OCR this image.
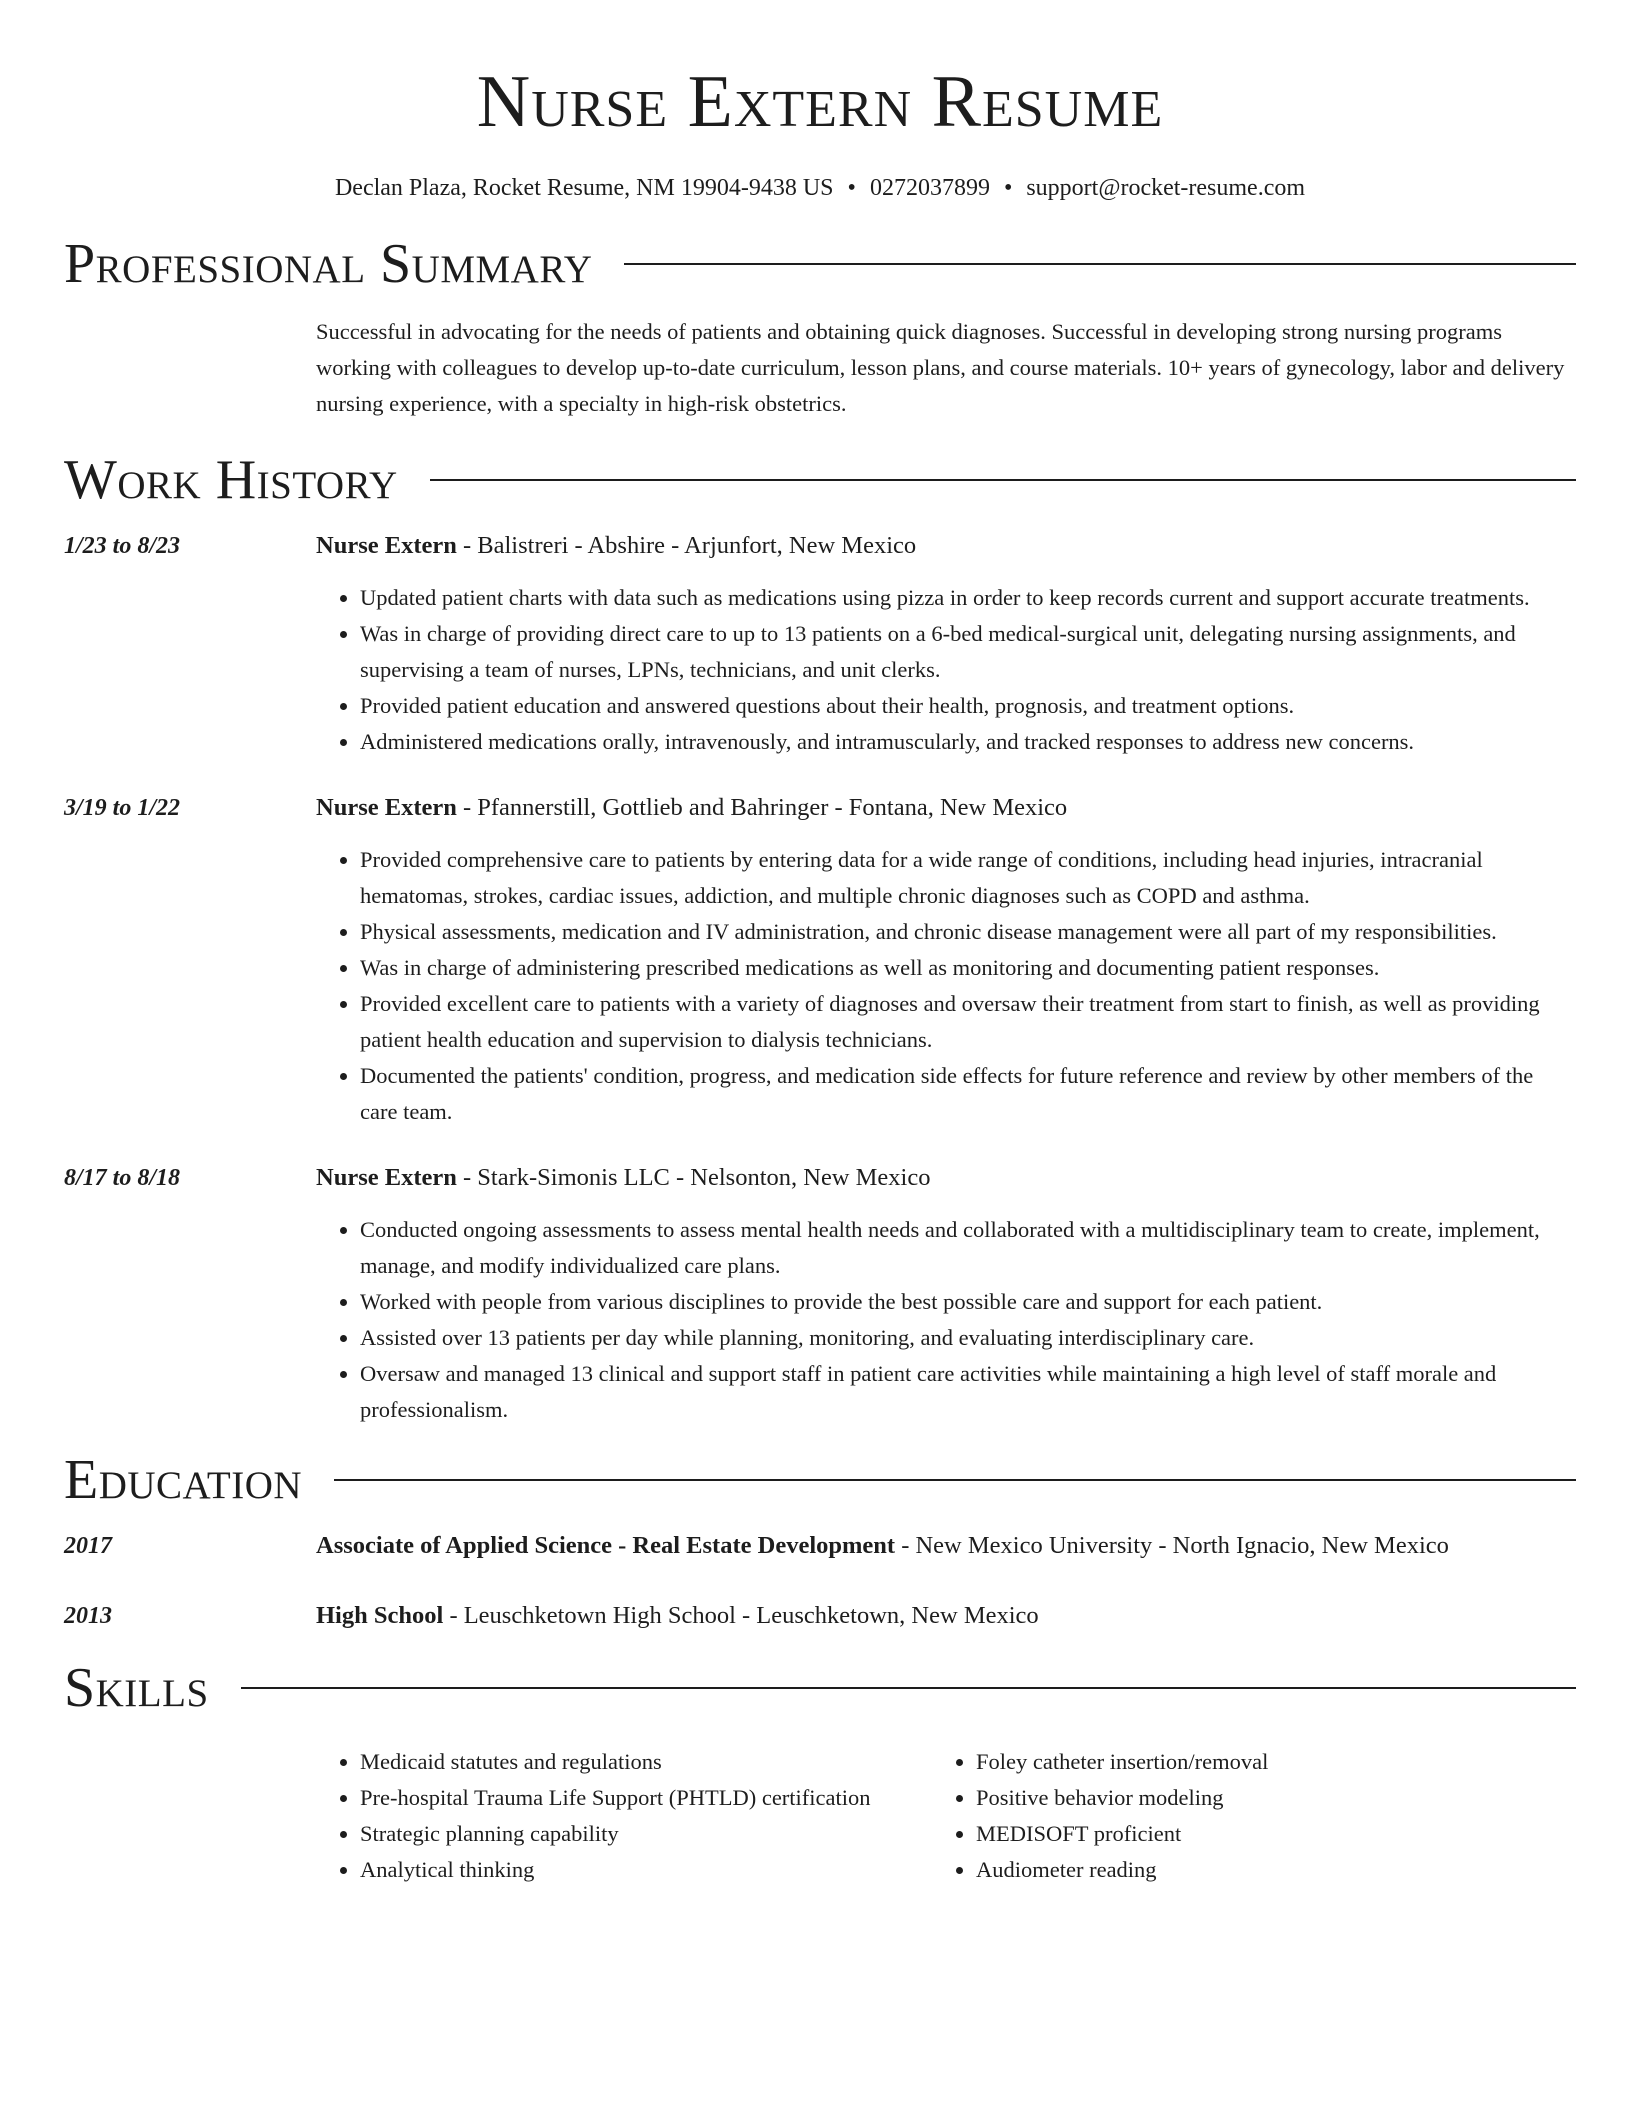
Nurse Extern Resume
Declan Plaza, Rocket Resume, NM 19904-9438 US • 0272037899 • support@rocket-resume.com
Professional Summary
Successful in advocating for the needs of patients and obtaining quick diagnoses. Successful in developing strong nursing programs working with colleagues to develop up-to-date curriculum, lesson plans, and course materials. 10+ years of gynecology, labor and delivery nursing experience, with a specialty in high-risk obstetrics.
Work History
1/23 to 8/23	Nurse Extern - Balistreri - Abshire - Arjunfort, New Mexico
• Updated patient charts with data such as medications using pizza in order to keep records current and support accurate treatments.
• Was in charge of providing direct care to up to 13 patients on a 6-bed medical-surgical unit, delegating nursing assignments, and supervising a team of nurses, LPNs, technicians, and unit clerks.
• Provided patient education and answered questions about their health, prognosis, and treatment options.
• Administered medications orally, intravenously, and intramuscularly, and tracked responses to address new concerns.
3/19 to 1/22	Nurse Extern - Pfannerstill, Gottlieb and Bahringer - Fontana, New Mexico
• Provided comprehensive care to patients by entering data for a wide range of conditions, including head injuries, intracranial hematomas, strokes, cardiac issues, addiction, and multiple chronic diagnoses such as COPD and asthma.
• Physical assessments, medication and IV administration, and chronic disease management were all part of my responsibilities.
• Was in charge of administering prescribed medications as well as monitoring and documenting patient responses.
• Provided excellent care to patients with a variety of diagnoses and oversaw their treatment from start to finish, as well as providing patient health education and supervision to dialysis technicians.
• Documented the patients' condition, progress, and medication side effects for future reference and review by other members of the care team.
8/17 to 8/18	Nurse Extern - Stark-Simonis LLC - Nelsonton, New Mexico
• Conducted ongoing assessments to assess mental health needs and collaborated with a multidisciplinary team to create, implement, manage, and modify individualized care plans.
• Worked with people from various disciplines to provide the best possible care and support for each patient.
• Assisted over 13 patients per day while planning, monitoring, and evaluating interdisciplinary care.
• Oversaw and managed 13 clinical and support staff in patient care activities while maintaining a high level of staff morale and professionalism.
Education
2017	Associate of Applied Science - Real Estate Development - New Mexico University - North Ignacio, New Mexico
2013	High School - Leuschketown High School - Leuschketown, New Mexico
Skills
• Medicaid statutes and regulations
• Pre-hospital Trauma Life Support (PHTLD) certification
• Strategic planning capability
• Analytical thinking
• Foley catheter insertion/removal
• Positive behavior modeling
• MEDISOFT proficient
• Audiometer reading
